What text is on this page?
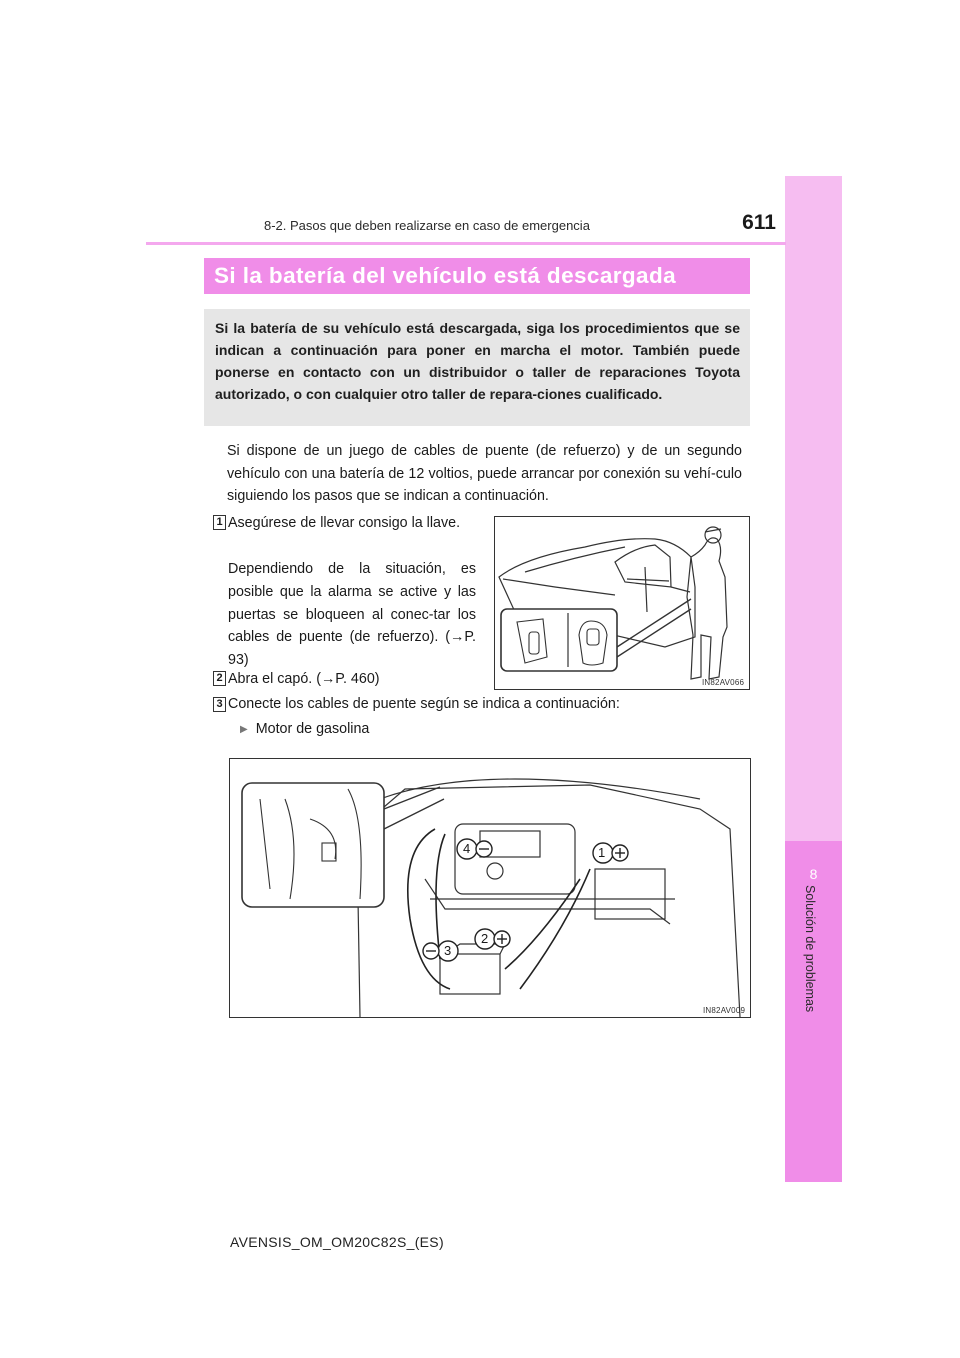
8
Solución de problemas
8-2. Pasos que deben realizarse en caso de emergencia	611
Si la batería del vehículo está descargada
Si la batería de su vehículo está descargada, siga los procedimientos que se indican a continuación para poner en marcha el motor. También puede ponerse en contacto con un distribuidor o taller de reparaciones Toyota autorizado, o con cualquier otro taller de repara-ciones cualificado.
Si dispone de un juego de cables de puente (de refuerzo) y de un segundo vehículo con una batería de 12 voltios, puede arrancar por conexión su vehí-culo siguiendo los pasos que se indican a continuación.
1 Asegúrese de llevar consigo la llave.
Dependiendo de la situación, es posible que la alarma se active y las puertas se bloqueen al conec-tar los cables de puente (de refuerzo). (→P. 93)
2 Abra el capó. (→P. 460)
3 Conecte los cables de puente según se indica a continuación:
▶ Motor de gasolina
IN82AV066
1
2
3
4
IN82AV009
AVENSIS_OM_OM20C82S_(ES)
